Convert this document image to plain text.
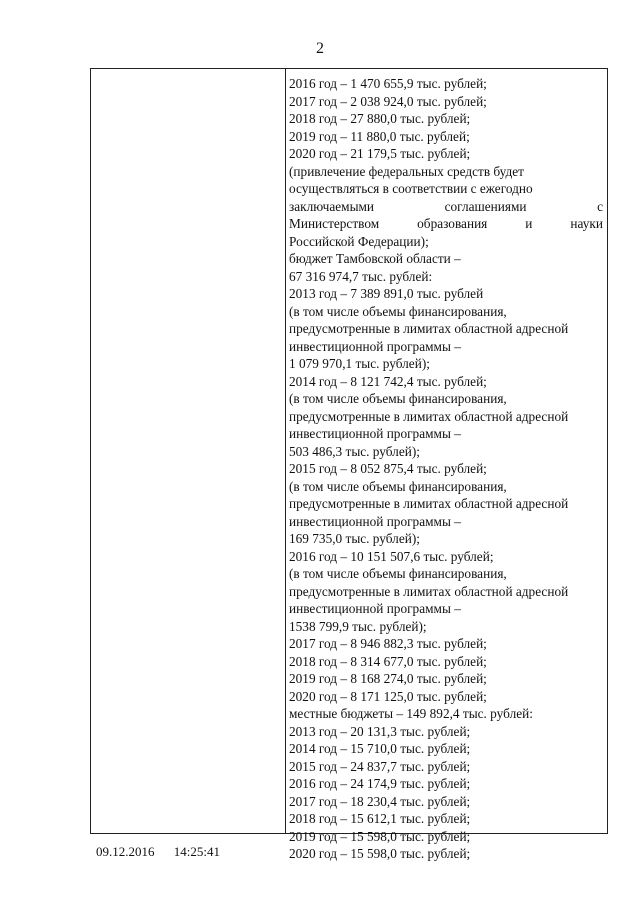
2
2016 год – 1 470 655,9 тыс. рублей;
2017 год – 2 038 924,0 тыс. рублей;
2018 год – 27 880,0 тыс. рублей;
2019 год – 11 880,0 тыс. рублей;
2020 год – 21 179,5 тыс. рублей;
(привлечение федеральных средств будет
осуществляться в соответствии с ежегодно
заключаемыми	соглашениями	с
Министерством	образования	и	науки
Российской Федерации);
бюджет Тамбовской области –
67 316 974,7 тыс. рублей:
2013 год – 7 389 891,0 тыс. рублей
(в том числе объемы финансирования,
предусмотренные в лимитах областной адресной
инвестиционной программы –
1 079 970,1 тыс. рублей);
2014 год – 8 121 742,4 тыс. рублей;
(в том числе объемы финансирования,
предусмотренные в лимитах областной адресной
инвестиционной программы –
503 486,3 тыс. рублей);
2015 год – 8 052 875,4 тыс. рублей;
(в том числе объемы финансирования,
предусмотренные в лимитах областной адресной
инвестиционной программы –
169 735,0 тыс. рублей);
2016 год – 10 151 507,6 тыс. рублей;
(в том числе объемы финансирования,
предусмотренные в лимитах областной адресной
инвестиционной программы –
1538 799,9 тыс. рублей);
2017 год – 8 946 882,3 тыс. рублей;
2018 год – 8 314 677,0 тыс. рублей;
2019 год – 8 168 274,0 тыс. рублей;
2020 год – 8 171 125,0 тыс. рублей;
местные бюджеты – 149 892,4 тыс. рублей:
2013 год – 20 131,3 тыс. рублей;
2014 год – 15 710,0 тыс. рублей;
2015 год – 24 837,7 тыс. рублей;
2016 год – 24 174,9 тыс. рублей;
2017 год – 18 230,4 тыс. рублей;
2018 год – 15 612,1 тыс. рублей;
2019 год – 15 598,0 тыс. рублей;
2020 год – 15 598,0 тыс. рублей;
09.12.2016 14:25:41
